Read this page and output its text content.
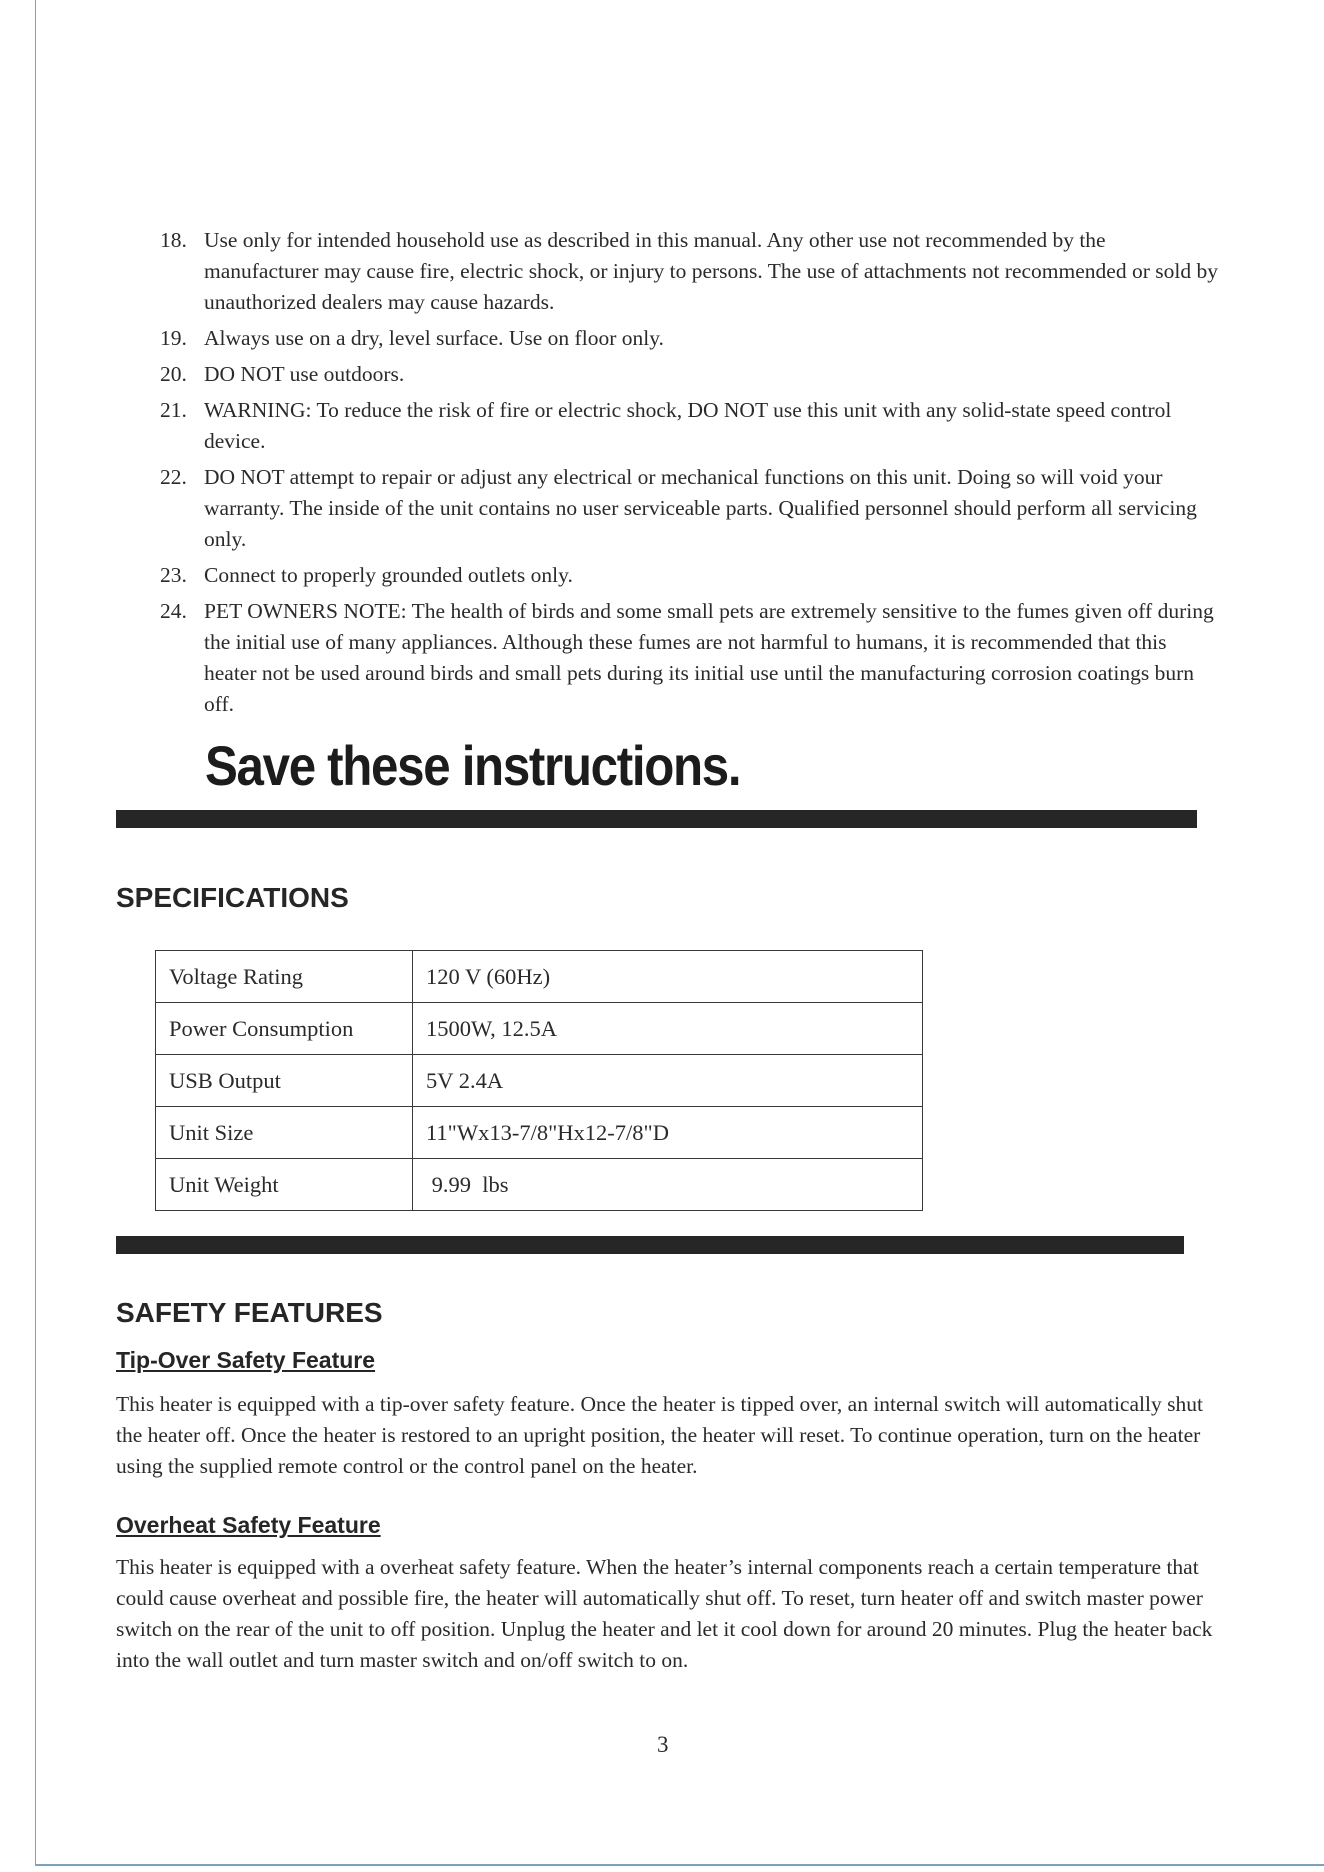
18. Use only for intended household use as described in this manual. Any other use not recommended by the manufacturer may cause fire, electric shock, or injury to persons. The use of attachments not recommended or sold by unauthorized dealers may cause hazards.
19. Always use on a dry, level surface. Use on floor only.
20. DO NOT use outdoors.
21. WARNING: To reduce the risk of fire or electric shock, DO NOT use this unit with any solid-state speed control device.
22. DO NOT attempt to repair or adjust any electrical or mechanical functions on this unit. Doing so will void your warranty. The inside of the unit contains no user serviceable parts. Qualified personnel should perform all servicing only.
23. Connect to properly grounded outlets only.
24. PET OWNERS NOTE: The health of birds and some small pets are extremely sensitive to the fumes given off during the initial use of many appliances. Although these fumes are not harmful to humans, it is recommended that this heater not be used around birds and small pets during its initial use until the manufacturing corrosion coatings burn off.
Save these instructions.
SPECIFICATIONS
Voltage Rating	120 V (60Hz)
Power Consumption	1500W, 12.5A
USB Output	5V 2.4A
Unit Size	11"Wx13-7/8"Hx12-7/8"D
Unit Weight	9.99  lbs
SAFETY FEATURES
Tip-Over Safety Feature

This heater is equipped with a tip-over safety feature. Once the heater is tipped over, an internal switch will automatically shut the heater off. Once the heater is restored to an upright position, the heater will reset. To continue operation, turn on the heater using the supplied remote control or the control panel on the heater.

Overheat Safety Feature

This heater is equipped with a overheat safety feature. When the heater’s internal components reach a certain temperature that could cause overheat and possible fire, the heater will automatically shut off. To reset, turn heater off and switch master power switch on the rear of the unit to off position. Unplug the heater and let it cool down for around 20 minutes. Plug the heater back into the wall outlet and turn master switch and on/off switch to on.

3
